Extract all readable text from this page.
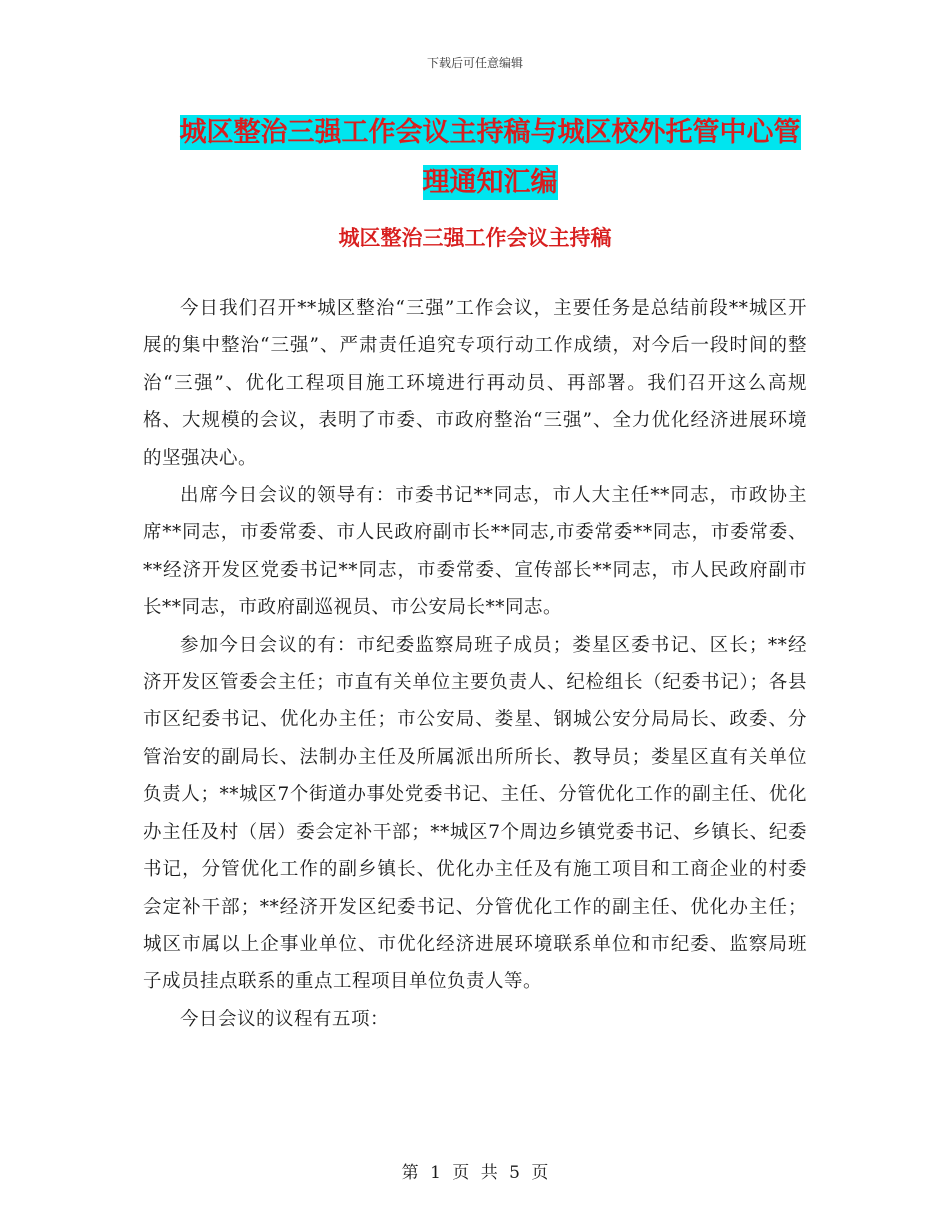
下载后可任意编辑
城区整治三强工作会议主持稿与城区校外托管中心管
理通知汇编
城区整治三强工作会议主持稿

今日我们召开**城区整治“三强”工作会议，主要任务是总结前段**城区开展的集中整治“三强”、严肃责任追究专项行动工作成绩，对今后一段时间的整治“三强”、优化工程项目施工环境进行再动员、再部署。我们召开这么高规格、大规模的会议，表明了市委、市政府整治“三强”、全力优化经济进展环境的坚强决心。

出席今日会议的领导有：市委书记**同志，市人大主任**同志，市政协主席**同志，市委常委、市人民政府副市长**同志,市委常委**同志，市委常委、**经济开发区党委书记**同志，市委常委、宣传部长**同志，市人民政府副市长**同志，市政府副巡视员、市公安局长**同志。

参加今日会议的有：市纪委监察局班子成员；娄星区委书记、区长；**经济开发区管委会主任；市直有关单位主要负责人、纪检组长（纪委书记）；各县市区纪委书记、优化办主任；市公安局、娄星、钢城公安分局局长、政委、分管治安的副局长、法制办主任及所属派出所所长、教导员；娄星区直有关单位负责人；**城区7个街道办事处党委书记、主任、分管优化工作的副主任、优化办主任及村（居）委会定补干部；**城区7个周边乡镇党委书记、乡镇长、纪委书记，分管优化工作的副乡镇长、优化办主任及有施工项目和工商企业的村委会定补干部；**经济开发区纪委书记、分管优化工作的副主任、优化办主任；城区市属以上企事业单位、市优化经济进展环境联系单位和市纪委、监察局班子成员挂点联系的重点工程项目单位负责人等。

今日会议的议程有五项：

第 1 页 共 5 页
